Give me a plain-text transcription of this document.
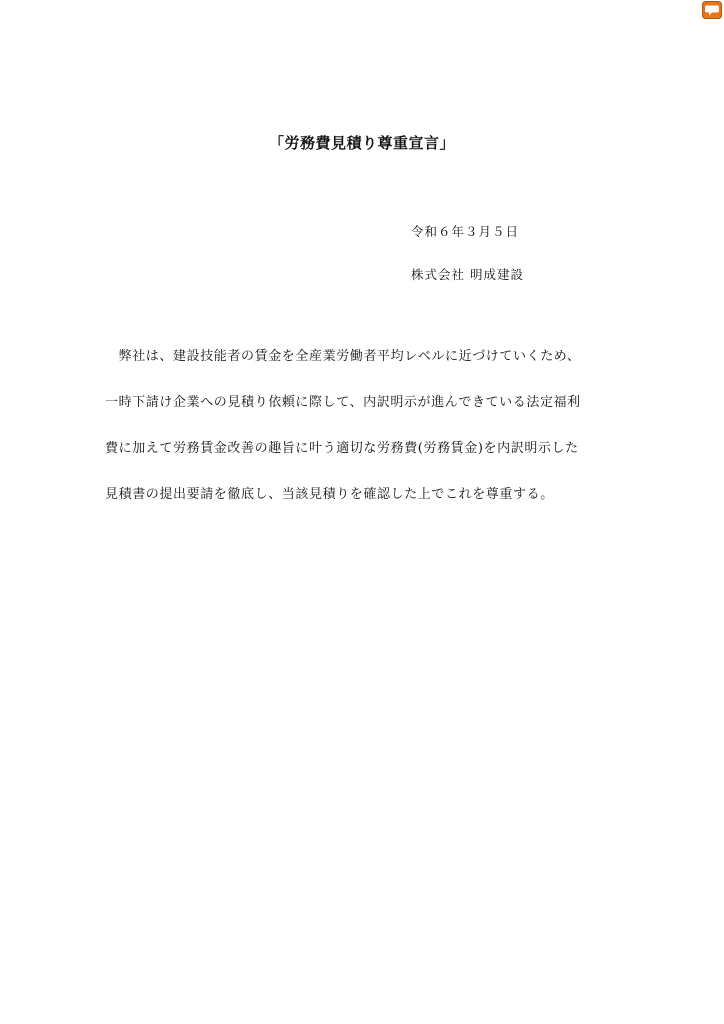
「労務費見積り尊重宣言」
令和６年３月５日
株式会社 明成建設
　弊社は、建設技能者の賃金を全産業労働者平均レベルに近づけていくため、
一時下請け企業への見積り依頼に際して、内訳明示が進んできている法定福利
費に加えて労務賃金改善の趣旨に叶う適切な労務費(労務賃金)を内訳明示した
見積書の提出要請を徹底し、当該見積りを確認した上でこれを尊重する。
